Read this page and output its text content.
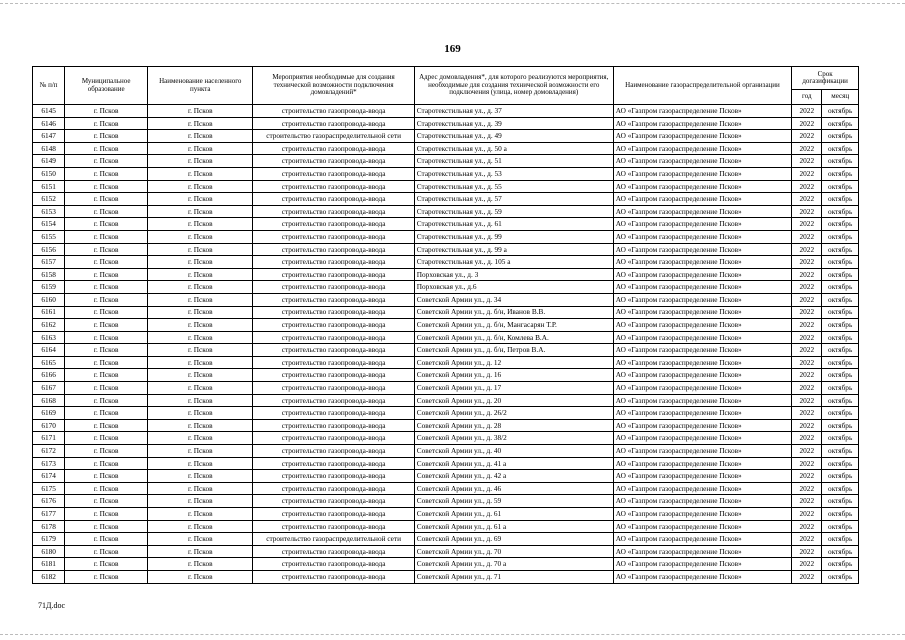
169
№ п/п	Муниципальное образование	Наименование населенного пункта	Мероприятия необходимые для создания технической возможности подключения домовладений*	Адрес домовладения*, для которого реализуются мероприятия, необходимые для создания технической возможности его подключения (улица, номер домовладения)	Наименование газораспределительной организации	Срок догазификации	
						год	месяц
6145	г. Псков	г. Псков	строительство газопровода-ввода	Старотекстильная ул., д. 37	АО «Газпром газораспределение Псков»	2022	октябрь
6146	г. Псков	г. Псков	строительство газопровода-ввода	Старотекстильная ул., д. 39	АО «Газпром газораспределение Псков»	2022	октябрь
6147	г. Псков	г. Псков	строительство газораспределительной сети	Старотекстильная ул., д. 49	АО «Газпром газораспределение Псков»	2022	октябрь
6148	г. Псков	г. Псков	строительство газопровода-ввода	Старотекстильная ул., д. 50 а	АО «Газпром газораспределение Псков»	2022	октябрь
6149	г. Псков	г. Псков	строительство газопровода-ввода	Старотекстильная ул., д. 51	АО «Газпром газораспределение Псков»	2022	октябрь
6150	г. Псков	г. Псков	строительство газопровода-ввода	Старотекстильная ул., д. 53	АО «Газпром газораспределение Псков»	2022	октябрь
6151	г. Псков	г. Псков	строительство газопровода-ввода	Старотекстильная ул., д. 55	АО «Газпром газораспределение Псков»	2022	октябрь
6152	г. Псков	г. Псков	строительство газопровода-ввода	Старотекстильная ул., д. 57	АО «Газпром газораспределение Псков»	2022	октябрь
6153	г. Псков	г. Псков	строительство газопровода-ввода	Старотекстильная ул., д. 59	АО «Газпром газораспределение Псков»	2022	октябрь
6154	г. Псков	г. Псков	строительство газопровода-ввода	Старотекстильная ул., д. 61	АО «Газпром газораспределение Псков»	2022	октябрь
6155	г. Псков	г. Псков	строительство газопровода-ввода	Старотекстильная ул., д. 99	АО «Газпром газораспределение Псков»	2022	октябрь
6156	г. Псков	г. Псков	строительство газопровода-ввода	Старотекстильная ул., д. 99 а	АО «Газпром газораспределение Псков»	2022	октябрь
6157	г. Псков	г. Псков	строительство газопровода-ввода	Старотекстильная ул., д. 105 а	АО «Газпром газораспределение Псков»	2022	октябрь
6158	г. Псков	г. Псков	строительство газопровода-ввода	Порховская ул., д. 3	АО «Газпром газораспределение Псков»	2022	октябрь
6159	г. Псков	г. Псков	строительство газопровода-ввода	Порховская ул., д.6	АО «Газпром газораспределение Псков»	2022	октябрь
6160	г. Псков	г. Псков	строительство газопровода-ввода	Советской Армии ул., д. 34	АО «Газпром газораспределение Псков»	2022	октябрь
6161	г. Псков	г. Псков	строительство газопровода-ввода	Советской Армии ул., д. б/н, Иванов В.В.	АО «Газпром газораспределение Псков»	2022	октябрь
6162	г. Псков	г. Псков	строительство газопровода-ввода	Советской Армии ул., д. б/н, Мангасарян Т.Р.	АО «Газпром газораспределение Псков»	2022	октябрь
6163	г. Псков	г. Псков	строительство газопровода-ввода	Советской Армии ул., д. б/н, Комлева В.А.	АО «Газпром газораспределение Псков»	2022	октябрь
6164	г. Псков	г. Псков	строительство газопровода-ввода	Советской Армии ул., д. б/н, Петров В.А.	АО «Газпром газораспределение Псков»	2022	октябрь
6165	г. Псков	г. Псков	строительство газопровода-ввода	Советской Армии ул., д. 12	АО «Газпром газораспределение Псков»	2022	октябрь
6166	г. Псков	г. Псков	строительство газопровода-ввода	Советской Армии ул., д. 16	АО «Газпром газораспределение Псков»	2022	октябрь
6167	г. Псков	г. Псков	строительство газопровода-ввода	Советской Армии ул., д. 17	АО «Газпром газораспределение Псков»	2022	октябрь
6168	г. Псков	г. Псков	строительство газопровода-ввода	Советской Армии ул., д. 20	АО «Газпром газораспределение Псков»	2022	октябрь
6169	г. Псков	г. Псков	строительство газопровода-ввода	Советской Армии ул., д. 26/2	АО «Газпром газораспределение Псков»	2022	октябрь
6170	г. Псков	г. Псков	строительство газопровода-ввода	Советской Армии ул., д. 28	АО «Газпром газораспределение Псков»	2022	октябрь
6171	г. Псков	г. Псков	строительство газопровода-ввода	Советской Армии ул., д. 38/2	АО «Газпром газораспределение Псков»	2022	октябрь
6172	г. Псков	г. Псков	строительство газопровода-ввода	Советской Армии ул., д. 40	АО «Газпром газораспределение Псков»	2022	октябрь
6173	г. Псков	г. Псков	строительство газопровода-ввода	Советской Армии ул., д. 41 а	АО «Газпром газораспределение Псков»	2022	октябрь
6174	г. Псков	г. Псков	строительство газопровода-ввода	Советской Армии ул., д. 42 а	АО «Газпром газораспределение Псков»	2022	октябрь
6175	г. Псков	г. Псков	строительство газопровода-ввода	Советской Армии ул., д. 46	АО «Газпром газораспределение Псков»	2022	октябрь
6176	г. Псков	г. Псков	строительство газопровода-ввода	Советской Армии ул., д. 59	АО «Газпром газораспределение Псков»	2022	октябрь
6177	г. Псков	г. Псков	строительство газопровода-ввода	Советской Армии ул., д. 61	АО «Газпром газораспределение Псков»	2022	октябрь
6178	г. Псков	г. Псков	строительство газопровода-ввода	Советской Армии ул., д. 61 а	АО «Газпром газораспределение Псков»	2022	октябрь
6179	г. Псков	г. Псков	строительство газораспределительной сети	Советской Армии ул., д. 69	АО «Газпром газораспределение Псков»	2022	октябрь
6180	г. Псков	г. Псков	строительство газопровода-ввода	Советской Армии ул., д. 70	АО «Газпром газораспределение Псков»	2022	октябрь
6181	г. Псков	г. Псков	строительство газопровода-ввода	Советской Армии ул., д. 70 а	АО «Газпром газораспределение Псков»	2022	октябрь
6182	г. Псков	г. Псков	строительство газопровода-ввода	Советской Армии ул., д. 71	АО «Газпром газораспределение Псков»	2022	октябрь
71Д.doc
